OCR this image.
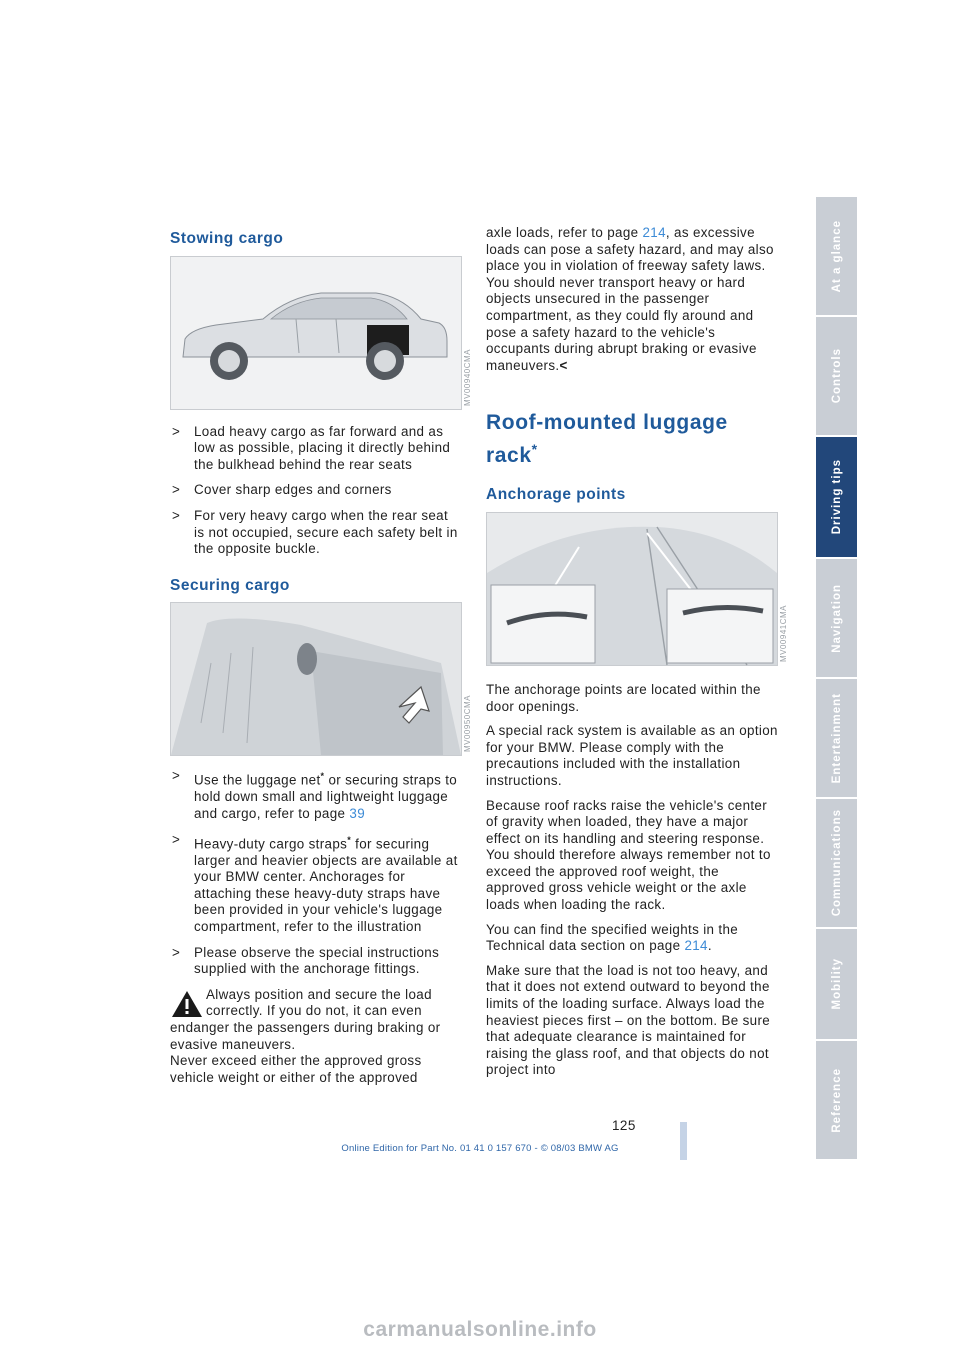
Stowing cargo
MV00940CMA
> Load heavy cargo as far forward and as low as possible, placing it directly behind the bulkhead behind the rear seats
> Cover sharp edges and corners
> For very heavy cargo when the rear seat is not occupied, secure each safety belt in the opposite buckle.
Securing cargo
MV00950CMA
> Use the luggage net* or securing straps to hold down small and lightweight luggage and cargo, refer to page 39
> Heavy-duty cargo straps* for securing larger and heavier objects are available at your BMW center. Anchorages for attaching these heavy-duty straps have been provided in your vehicle's luggage compartment, refer to the illustration
> Please observe the special instructions supplied with the anchorage fittings.
Always position and secure the load correctly. If you do not, it can even
endanger the passengers during braking or evasive maneuvers.
Never exceed either the approved gross vehicle weight or either of the approved

axle loads, refer to page 214, as excessive loads can pose a safety hazard, and may also place you in violation of freeway safety laws.

You should never transport heavy or hard objects unsecured in the passenger compartment, as they could fly around and pose a safety hazard to the vehicle's occupants during abrupt braking or evasive maneuvers.<

Roof-mounted luggage rack*
Anchorage points
MV00941CMA

The anchorage points are located within the door openings.

A special rack system is available as an option for your BMW. Please comply with the precautions included with the installation instructions.

Because roof racks raise the vehicle's center of gravity when loaded, they have a major effect on its handling and steering response.

You should therefore always remember not to exceed the approved roof weight, the approved gross vehicle weight or the axle loads when loading the rack.

You can find the specified weights in the Technical data section on page 214.

Make sure that the load is not too heavy, and that it does not extend outward to beyond the limits of the loading surface. Always load the heaviest pieces first – on the bottom. Be sure that adequate clearance is maintained for raising the glass roof, and that objects do not project into

At a glance
Controls
Driving tips
Navigation
Entertainment
Communications
Mobility
Reference
125
Online Edition for Part No. 01 41 0 157 670 - © 08/03 BMW AG
carmanualsonline.info
